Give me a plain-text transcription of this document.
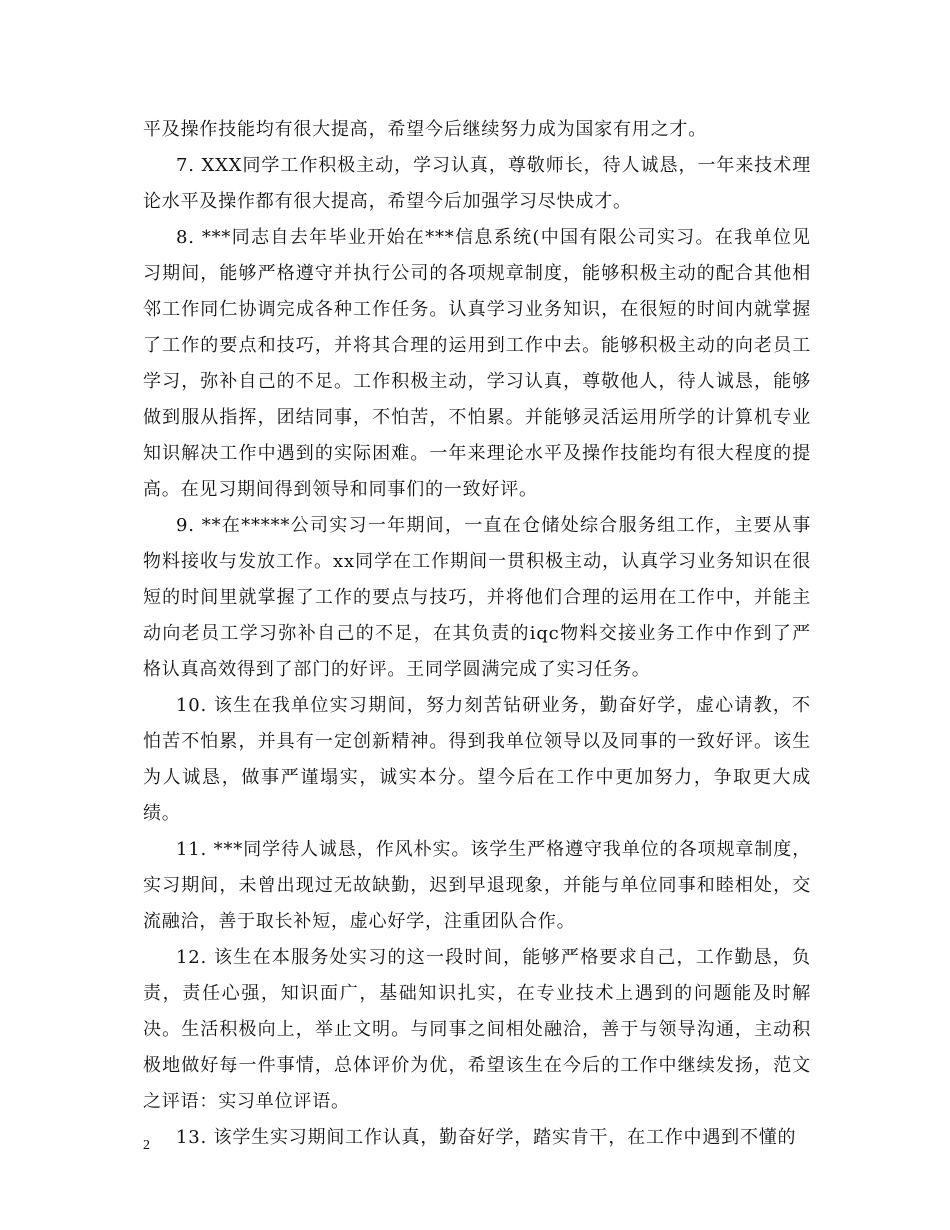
平及操作技能均有很大提高，希望今后继续努力成为国家有用之才。

7. XXX同学工作积极主动，学习认真，尊敬师长，待人诚恳，一年来技术理论水平及操作都有很大提高，希望今后加强学习尽快成才。

8. ***同志自去年毕业开始在***信息系统(中国有限公司实习。在我单位见习期间，能够严格遵守并执行公司的各项规章制度，能够积极主动的配合其他相邻工作同仁协调完成各种工作任务。认真学习业务知识，在很短的时间内就掌握了工作的要点和技巧，并将其合理的运用到工作中去。能够积极主动的向老员工学习，弥补自己的不足。工作积极主动，学习认真，尊敬他人，待人诚恳，能够做到服从指挥，团结同事，不怕苦，不怕累。并能够灵活运用所学的计算机专业知识解决工作中遇到的实际困难。一年来理论水平及操作技能均有很大程度的提高。在见习期间得到领导和同事们的一致好评。

9. **在*****公司实习一年期间，一直在仓储处综合服务组工作，主要从事物料接收与发放工作。xx同学在工作期间一贯积极主动，认真学习业务知识在很短的时间里就掌握了工作的要点与技巧，并将他们合理的运用在工作中，并能主动向老员工学习弥补自己的不足，在其负责的iqc物料交接业务工作中作到了严格认真高效得到了部门的好评。王同学圆满完成了实习任务。

10. 该生在我单位实习期间，努力刻苦钻研业务，勤奋好学，虚心请教，不怕苦不怕累，并具有一定创新精神。得到我单位领导以及同事的一致好评。该生为人诚恳，做事严谨塌实，诚实本分。望今后在工作中更加努力，争取更大成绩。

11. ***同学待人诚恳，作风朴实。该学生严格遵守我单位的各项规章制度，实习期间，未曾出现过无故缺勤，迟到早退现象，并能与单位同事和睦相处，交流融洽，善于取长补短，虚心好学，注重团队合作。

12. 该生在本服务处实习的这一段时间，能够严格要求自己，工作勤恳，负责，责任心强，知识面广，基础知识扎实，在专业技术上遇到的问题能及时解决。生活积极向上，举止文明。与同事之间相处融洽，善于与领导沟通，主动积极地做好每一件事情，总体评价为优，希望该生在今后的工作中继续发扬，范文之评语：实习单位评语。

13. 该学生实习期间工作认真，勤奋好学，踏实肯干，在工作中遇到不懂的

2
